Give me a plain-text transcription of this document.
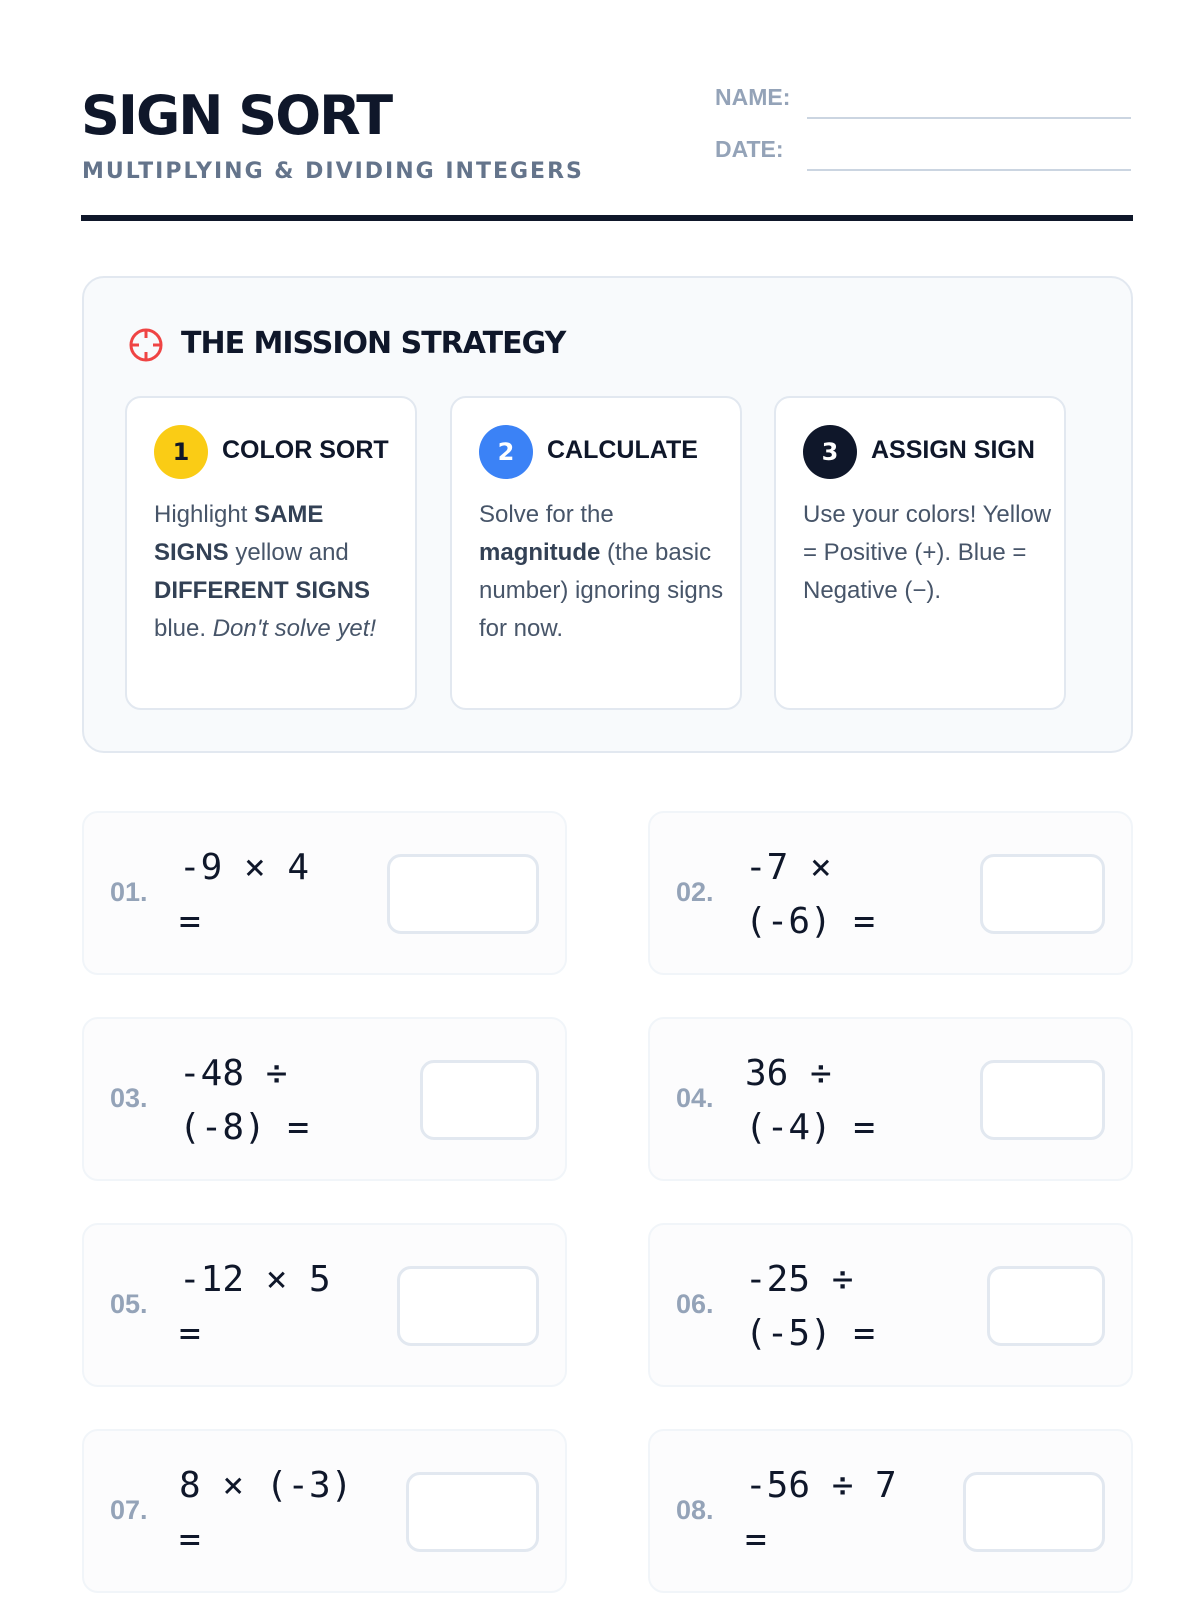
SIGN SORT
MULTIPLYING & DIVIDING INTEGERS
NAME:
DATE:
THE MISSION STRATEGY
1	COLOR SORT
Highlight SAME SIGNS yellow and DIFFERENT SIGNS blue. Don't solve yet!
2	CALCULATE
Solve for the magnitude (the basic number) ignoring signs for now.
3	ASSIGN SIGN
Use your colors! Yellow = Positive (+). Blue = Negative (−).
01.
-9 × 4
=
02.
-7 ×
(-6) =
03.
-48 ÷
(-8) =
04.
36 ÷
(-4) =
05.
-12 × 5
=
06.
-25 ÷
(-5) =
07.
8 × (-3)
=
08.
-56 ÷ 7
=
